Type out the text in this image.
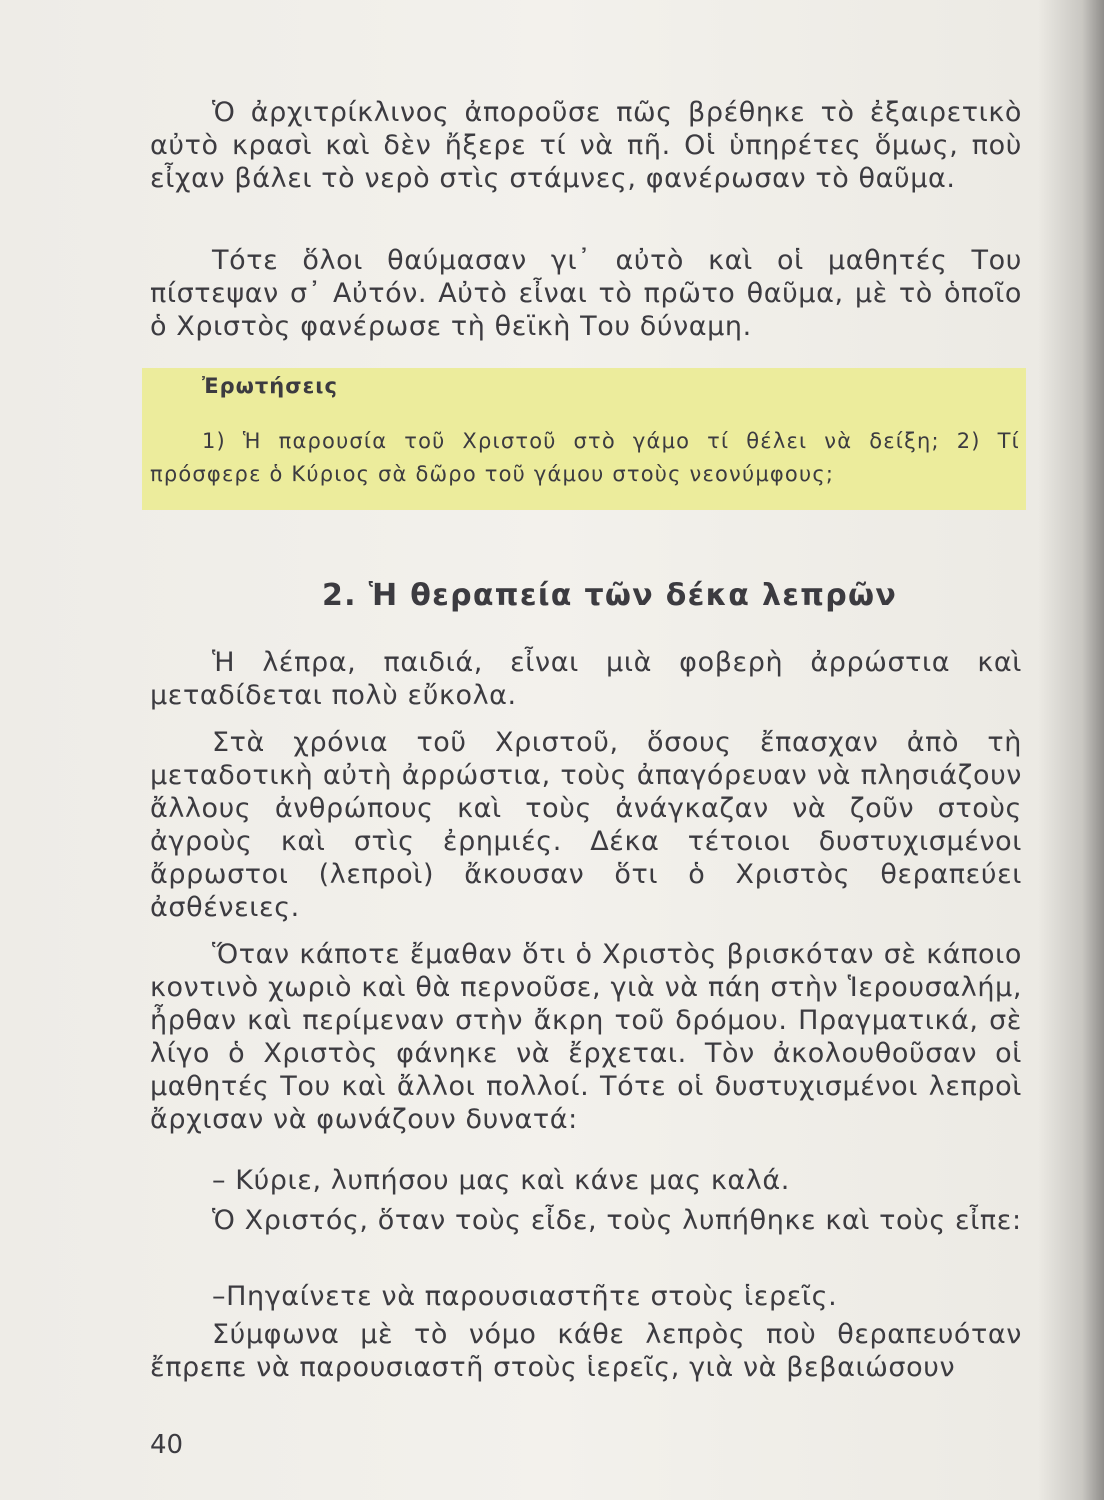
Ὁ ἀρχιτρίκλινος ἀποροῦσε πῶς βρέθηκε τὸ ἐξαιρετικὸ αὐτὸ κρασὶ καὶ δὲν ἤξερε τί νὰ πῆ. Οἱ ὑπηρέτες ὅμως, ποὺ εἶχαν βάλει τὸ νερὸ στὶς στάμνες, φανέρωσαν τὸ θαῦμα.

Τότε ὅλοι θαύμασαν γι᾽ αὐτὸ καὶ οἱ μαθητές Του πίστεψαν σ᾽ Αὐτόν. Αὐτὸ εἶναι τὸ πρῶτο θαῦμα, μὲ τὸ ὁποῖο ὁ Χριστὸς φανέρωσε τὴ θεϊκὴ Του δύναμη.

Ἐρωτήσεις

1) Ἡ παρουσία τοῦ Χριστοῦ στὸ γάμο τί θέλει νὰ δείξη; 2) Τί πρόσφερε ὁ Κύριος σὰ δῶρο τοῦ γάμου στοὺς νεονύμφους;

2. Ἡ θεραπεία τῶν δέκα λεπρῶν

Ἡ λέπρα, παιδιά, εἶναι μιὰ φοβερὴ ἀρρώστια καὶ μεταδίδεται πολὺ εὔκολα.

Στὰ χρόνια τοῦ Χριστοῦ, ὅσους ἔπασχαν ἀπὸ τὴ μεταδοτικὴ αὐτὴ ἀρρώστια, τοὺς ἀπαγόρευαν νὰ πλησιάζουν ἄλλους ἀνθρώπους καὶ τοὺς ἀνάγκαζαν νὰ ζοῦν στοὺς ἀγροὺς καὶ στὶς ἐρημιές. Δέκα τέτοιοι δυστυχισμένοι ἄρρωστοι (λεπροὶ) ἄκουσαν ὅτι ὁ Χριστὸς θεραπεύει ἀσθένειες.

Ὅταν κάποτε ἔμαθαν ὅτι ὁ Χριστὸς βρισκόταν σὲ κάποιο κοντινὸ χωριὸ καὶ θὰ περνοῦσε, γιὰ νὰ πάη στὴν Ἱερουσαλήμ, ἦρθαν καὶ περίμεναν στὴν ἄκρη τοῦ δρόμου. Πραγματικά, σὲ λίγο ὁ Χριστὸς φάνηκε νὰ ἔρχεται. Τὸν ἀκολουθοῦσαν οἱ μαθητές Του καὶ ἄλλοι πολλοί. Τότε οἱ δυστυχισμένοι λεπροὶ ἄρχισαν νὰ φωνάζουν δυνατά:

– Κύριε, λυπήσου μας καὶ κάνε μας καλά.

Ὁ Χριστός, ὅταν τοὺς εἶδε, τοὺς λυπήθηκε καὶ τοὺς εἶπε:

–Πηγαίνετε νὰ παρουσιαστῆτε στοὺς ἱερεῖς.

Σύμφωνα μὲ τὸ νόμο κάθε λεπρὸς ποὺ θεραπευόταν ἔπρεπε νὰ παρουσιαστῆ στοὺς ἱερεῖς, γιὰ νὰ βεβαιώσουν

40
